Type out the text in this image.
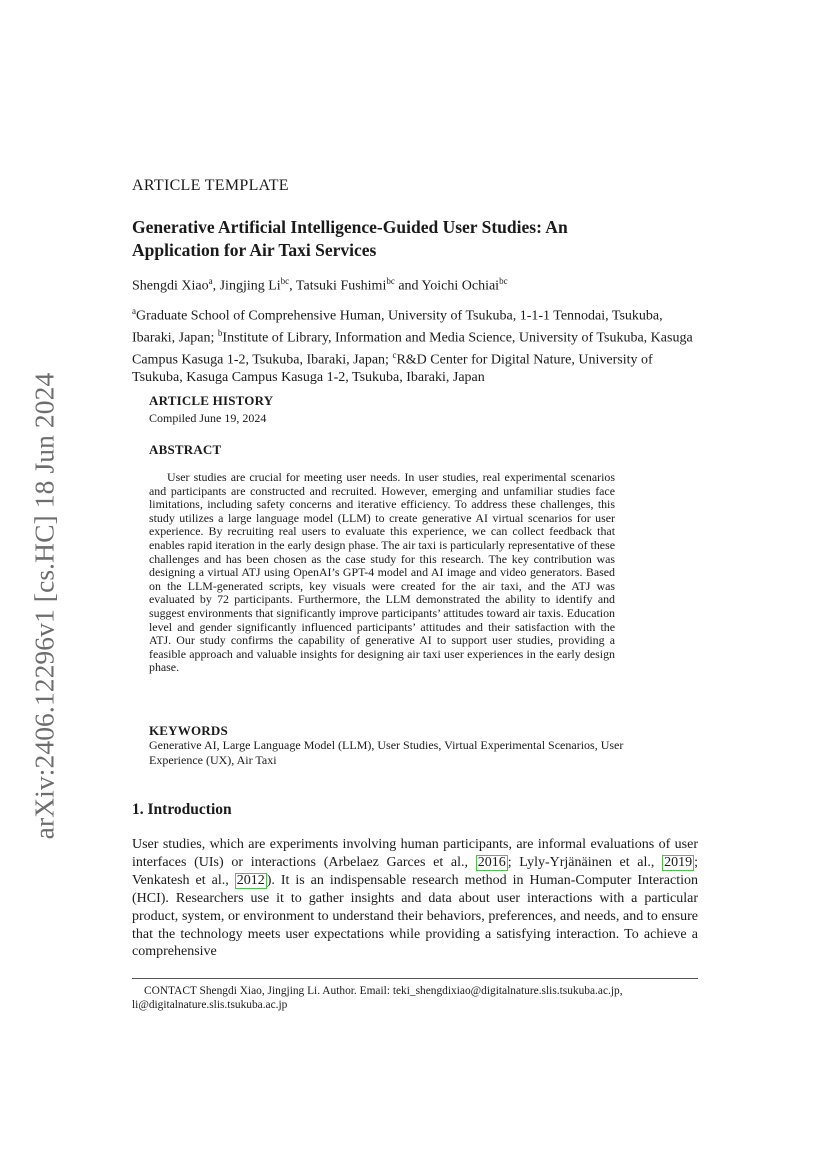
arXiv:2406.12296v1 [cs.HC] 18 Jun 2024
ARTICLE TEMPLATE
Generative Artificial Intelligence-Guided User Studies: An Application for Air Taxi Services
Shengdi Xiao$^a$, Jingjing $Li^{bc}$, Tatsuki Fushimi$^{bc}$ and Yoichi Ochiai$^{bc}$
$^a$Graduate School of Comprehensive Human, University of Tsukuba, 1-1-1 Tennodai, Tsukuba, Ibaraki, Japan; $^b$Institute of Library, Information and Media Science, University of Tsukuba, Kasuga Campus Kasuga 1-2, Tsukuba, Ibaraki, Japan; $^c$R&D Center for Digital Nature, University of Tsukuba, Kasuga Campus Kasuga 1-2, Tsukuba, Ibaraki, Japan
ARTICLE HISTORY
Compiled June 19, 2024
ABSTRACT

User studies are crucial for meeting user needs. In user studies, real experimental scenarios and participants are constructed and recruited. However, emerging and unfamiliar studies face limitations, including safety concerns and iterative efficiency. To address these challenges, this study utilizes a large language model (LLM) to create generative AI virtual scenarios for user experience. By recruiting real users to evaluate this experience, we can collect feedback that enables rapid iteration in the early design phase. The air taxi is particularly representative of these challenges and has been chosen as the case study for this research. The key contribution was designing a virtual ATJ using OpenAI’s GPT-4 model and AI image and video generators. Based on the LLM-generated scripts, key visuals were created for the air taxi, and the ATJ was evaluated by 72 participants. Furthermore, the LLM demonstrated the ability to identify and suggest environments that significantly improve participants’ attitudes toward air taxis. Education level and gender significantly influenced participants’ attitudes and their satisfaction with the ATJ. Our study confirms the capability of generative AI to support user studies, providing a feasible approach and valuable insights for designing air taxi user experiences in the early design phase.

KEYWORDS
Generative AI, Large Language Model (LLM), User Studies, Virtual Experimental Scenarios, User Experience (UX), Air Taxi
1. Introduction

User studies, which are experiments involving human participants, are informal evaluations of user interfaces (UIs) or interactions (Arbelaez Garces et al., 2016 ; Lyly-Yrjänäinen et al., 2019 ; Venkatesh et al., 2012 ). It is an indispensable research method in Human-Computer Interaction (HCI). Researchers use it to gather insights and data about user interactions with a particular product, system, or environment to understand their behaviors, preferences, and needs, and to ensure that the technology meets user expectations while providing a satisfying interaction. To achieve a comprehensive

CONTACT Shengdi Xiao, Jingjing Li. Author. Email: teki_shengdixiao@digitalnature.slis.tsukuba.ac.jp, li@digitalnature.slis.tsukuba.ac.jp
